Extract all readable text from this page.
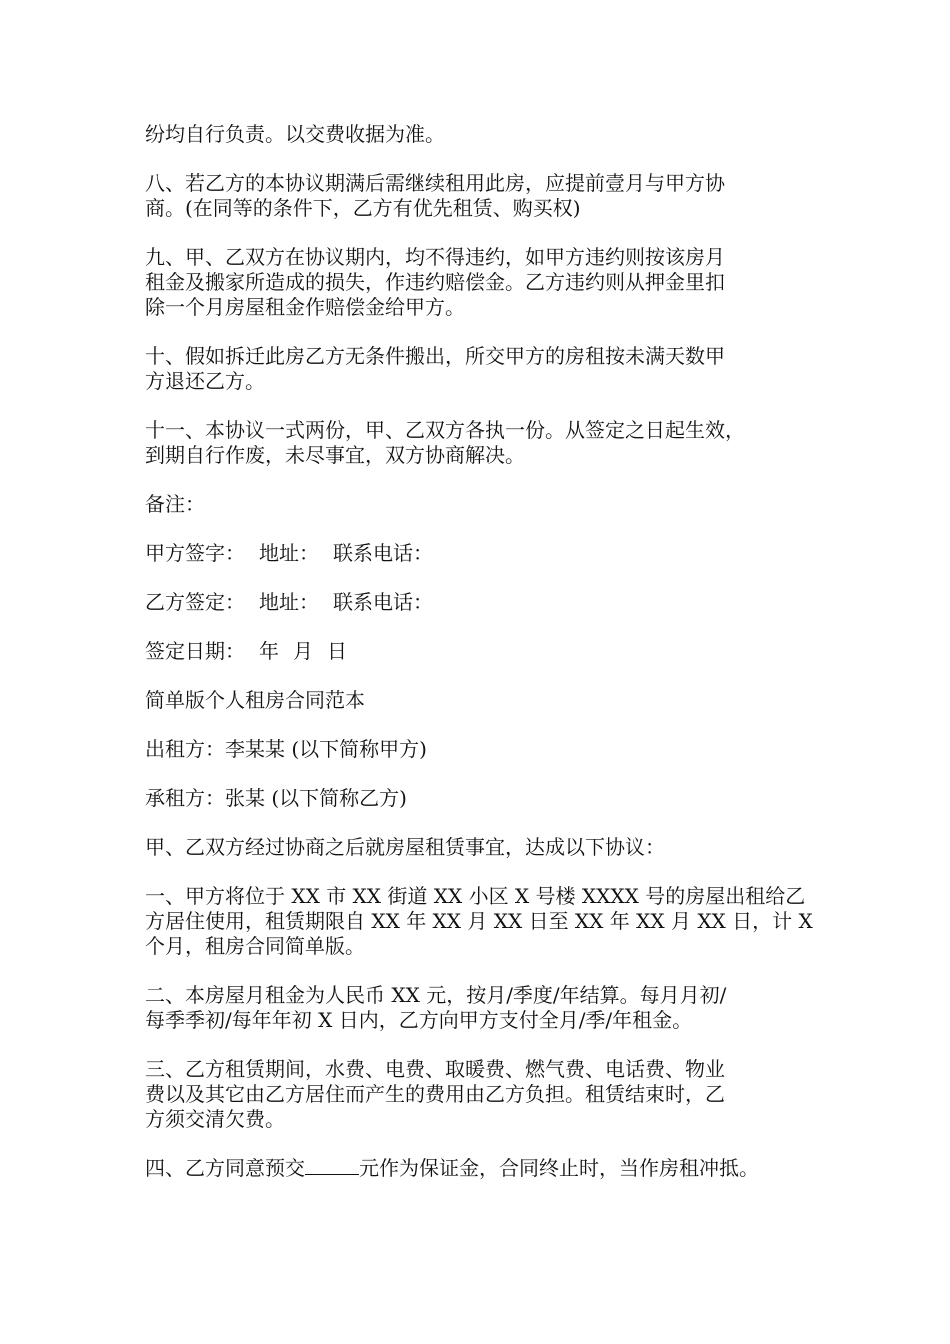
纷均自行负责。以交费收据为准。
八、若乙方的本协议期满后需继续租用此房，应提前壹月与甲方协
商。(在同等的条件下，乙方有优先租赁、购买权)
九、甲、乙双方在协议期内，均不得违约，如甲方违约则按该房月
租金及搬家所造成的损失，作违约赔偿金。乙方违约则从押金里扣
除一个月房屋租金作赔偿金给甲方。
十、假如拆迁此房乙方无条件搬出，所交甲方的房租按未满天数甲
方退还乙方。
十一、本协议一式两份，甲、乙双方各执一份。从签定之日起生效，
到期自行作废，未尽事宜，双方协商解决。
备注：
甲方签字： 地址： 联系电话：
乙方签定： 地址： 联系电话：
签定日期： 年 月 日
简单版个人租房合同范本
出租方：李某某 (以下简称甲方)
承租方：张某 (以下简称乙方)
甲、乙双方经过协商之后就房屋租赁事宜，达成以下协议：
一、甲方将位于 XX 市 XX 街道 XX 小区 X 号楼 XXXX 号的房屋出租给乙
方居住使用，租赁期限自 XX 年 XX 月 XX 日至 XX 年 XX 月 XX 日，计 X
个月，租房合同简单版。
二、本房屋月租金为人民币 XX 元，按月/季度/年结算。每月月初/
每季季初/每年年初 X 日内，乙方向甲方支付全月/季/年租金。
三、乙方租赁期间，水费、电费、取暖费、燃气费、电话费、物业
费以及其它由乙方居住而产生的费用由乙方负担。租赁结束时，乙
方须交清欠费。
四、乙方同意预交	元作为保证金，合同终止时，当作房租冲抵。
